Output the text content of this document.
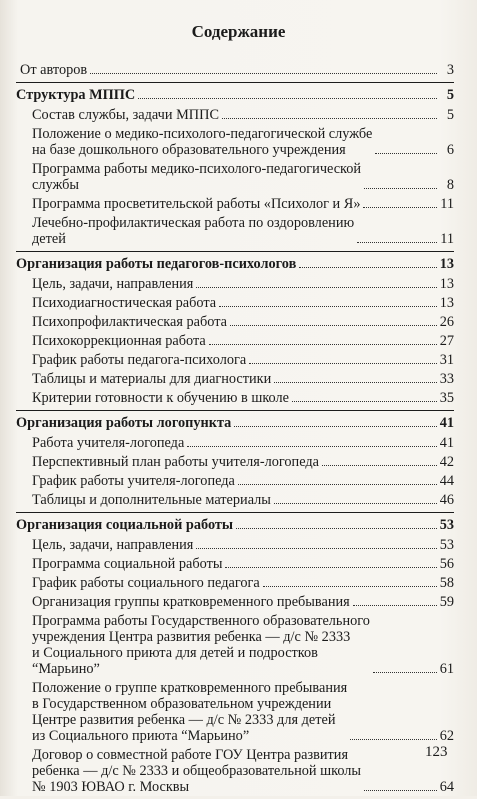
Содержание
От авторов	3
Структура МППС	5
Состав службы, задачи МППС	5
Положение о медико-психолого-педагогической службе
на базе дошкольного образовательного учреждения	6
Программа работы медико-психолого-педагогической
службы	8
Программа просветительской работы «Психолог и Я»	11
Лечебно-профилактическая работа по оздоровлению
детей	11
Организация работы педагогов-психологов	13
Цель, задачи, направления	13
Психодиагностическая работа	13
Психопрофилактическая работа	26
Психокоррекционная работа	27
График работы педагога-психолога	31
Таблицы и материалы для диагностики	33
Критерии готовности к обучению в школе	35
Организация работы логопункта	41
Работа учителя-логопеда	41
Перспективный план работы учителя-логопеда	42
График работы учителя-логопеда	44
Таблицы и дополнительные материалы	46
Организация социальной работы	53
Цель, задачи, направления	53
Программа социальной работы	56
График работы социального педагога	58
Организация группы кратковременного пребывания	59
Программа работы Государственного образовательного
учреждения Центра развития ребенка — д/с № 2333
и Социального приюта для детей и подростков
“Марьино”	61
Положение о группе кратковременного пребывания
в Государственном образовательном учреждении
Центре развития ребенка — д/с № 2333 для детей
из Социального приюта “Марьино”	62
Договор о совместной работе ГОУ Центра развития
ребенка — д/с № 2333 и общеобразовательной школы
№ 1903 ЮВАО г. Москвы	64
123
